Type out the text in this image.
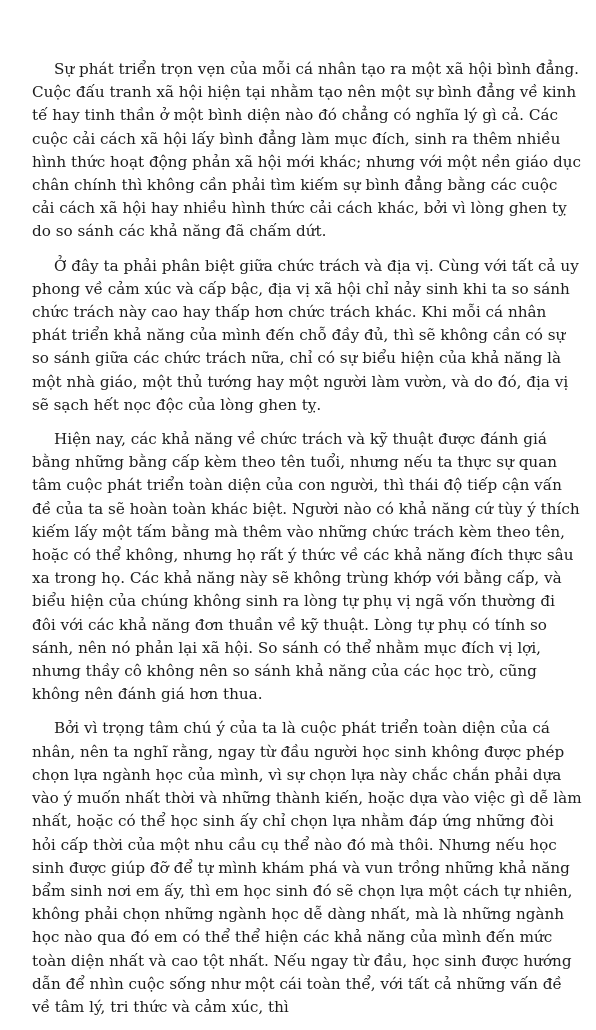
Sự phát triển trọn vẹn của mỗi cá nhân tạo ra một xã hội bình đẳng. Cuộc đấu tranh xã hội hiện tại nhằm tạo nên một sự bình đẳng về kinh tế hay tinh thần ở một bình diện nào đó chẳng có nghĩa lý gì cả. Các cuộc cải cách xã hội lấy bình đẳng làm mục đích, sinh ra thêm nhiều hình thức hoạt động phản xã hội mới khác; nhưng với một nền giáo dục chân chính thì không cần phải tìm kiếm sự bình đẳng bằng các cuộc cải cách xã hội hay nhiều hình thức cải cách khác, bởi vì lòng ghen tỵ do so sánh các khả năng đã chấm dứt.

Ở đây ta phải phân biệt giữa chức trách và địa vị. Cùng với tất cả uy phong về cảm xúc và cấp bậc, địa vị xã hội chỉ nảy sinh khi ta so sánh chức trách này cao hay thấp hơn chức trách khác. Khi mỗi cá nhân phát triển khả năng của mình đến chỗ đầy đủ, thì sẽ không cần có sự so sánh giữa các chức trách nữa, chỉ có sự biểu hiện của khả năng là một nhà giáo, một thủ tướng hay một người làm vườn, và do đó, địa vị sẽ sạch hết nọc độc của lòng ghen tỵ.

Hiện nay, các khả năng về chức trách và kỹ thuật được đánh giá bằng những bằng cấp kèm theo tên tuổi, nhưng nếu ta thực sự quan tâm cuộc phát triển toàn diện của con người, thì thái độ tiếp cận vấn đề của ta sẽ hoàn toàn khác biệt. Người nào có khả năng cứ tùy ý thích kiếm lấy một tấm bằng mà thêm vào những chức trách kèm theo tên, hoặc có thể không, nhưng họ rất ý thức về các khả năng đích thực sâu xa trong họ. Các khả năng này sẽ không trùng khớp với bằng cấp, và biểu hiện của chúng không sinh ra lòng tự phụ vị ngã vốn thường đi đôi với các khả năng đơn thuần về kỹ thuật. Lòng tự phụ có tính so sánh, nên nó phản lại xã hội. So sánh có thể nhằm mục đích vị lợi, nhưng thầy cô không nên so sánh khả năng của các học trò, cũng không nên đánh giá hơn thua.

Bởi vì trọng tâm chú ý của ta là cuộc phát triển toàn diện của cá nhân, nên ta nghĩ rằng, ngay từ đầu người học sinh không được phép chọn lựa ngành học của mình, vì sự chọn lựa này chắc chắn phải dựa vào ý muốn nhất thời và những thành kiến, hoặc dựa vào việc gì dễ làm nhất, hoặc có thể học sinh ấy chỉ chọn lựa nhằm đáp ứng những đòi hỏi cấp thời của một nhu cầu cụ thể nào đó mà thôi. Nhưng nếu học sinh được giúp đỡ để tự mình khám phá và vun trồng những khả năng bẩm sinh nơi em ấy, thì em học sinh đó sẽ chọn lựa một cách tự nhiên, không phải chọn những ngành học dễ dàng nhất, mà là những ngành học nào qua đó em có thể thể hiện các khả năng của mình đến mức toàn diện nhất và cao tột nhất. Nếu ngay từ đầu, học sinh được hướng dẫn để nhìn cuộc sống như một cái toàn thể, với tất cả những vấn đề về tâm lý, tri thức và cảm xúc, thì
